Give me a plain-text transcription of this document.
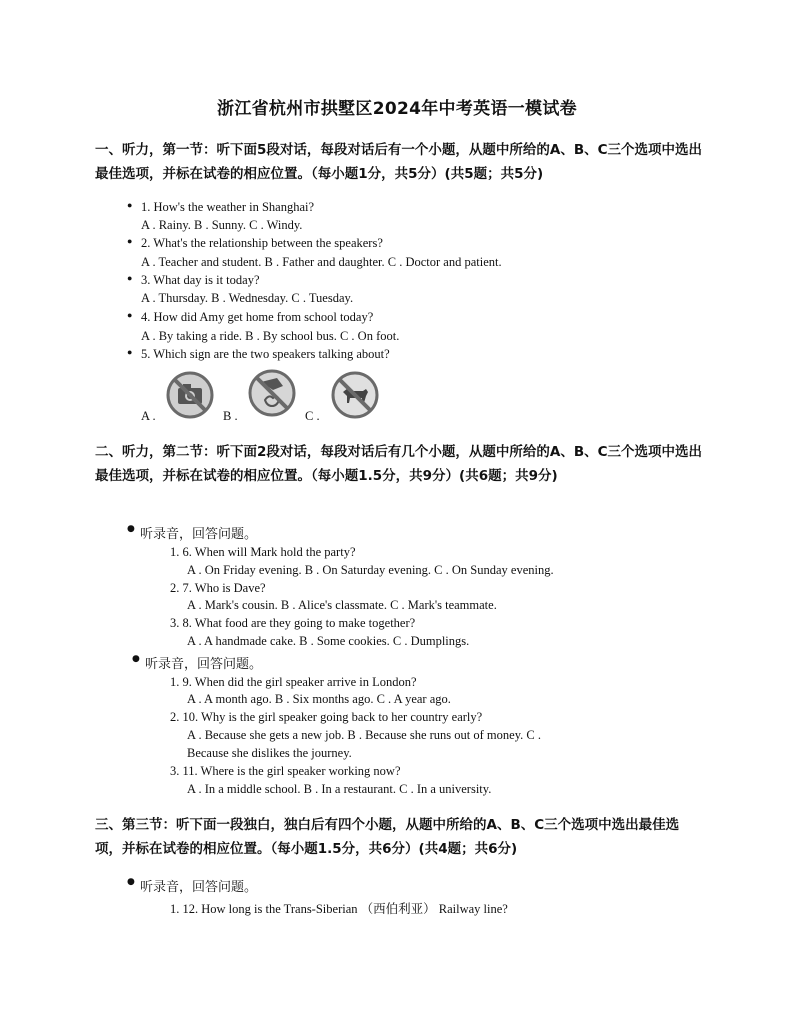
浙江省杭州市拱墅区2024年中考英语一模试卷
一、听力，第一节：听下面5段对话，每段对话后有一个小题，从题中所给的A、B、C三个选项中选出最佳选项，并标在试卷的相应位置。（每小题1分，共5分）(共5题；共5分)
● 1. How's the weather in Shanghai?
A . Rainy. B . Sunny. C . Windy.
● 2. What's the relationship between the speakers?
A . Teacher and student. B . Father and daughter. C . Doctor and patient.
● 3. What day is it today?
A . Thursday. B . Wednesday. C . Tuesday.
● 4. How did Amy get home from school today?
A . By taking a ride. B . By school bus. C . On foot.
● 5. Which sign are the two speakers talking about?
A .	B .	C .
二、听力，第二节：听下面2段对话，每段对话后有几个小题，从题中所给的A、B、C三个选项中选出最佳选项，并标在试卷的相应位置。（每小题1.5分，共9分）(共6题；共9分)
● 听录音，回答问题。
1. 6. When will Mark hold the party?
A . On Friday evening. B . On Saturday evening. C . On Sunday evening.
2. 7. Who is Dave?
A . Mark's cousin. B . Alice's classmate. C . Mark's teammate.
3. 8. What food are they going to make together?
A . A handmade cake. B . Some cookies. C . Dumplings.
● 听录音，回答问题。
1. 9. When did the girl speaker arrive in London?
A . A month ago. B . Six months ago. C . A year ago.
2. 10. Why is the girl speaker going back to her country early?
A . Because she gets a new job. B . Because she runs out of money. C .
Because she dislikes the journey.
3. 11. Where is the girl speaker working now?
A . In a middle school. B . In a restaurant. C . In a university.
三、第三节：听下面一段独白，独白后有四个小题，从题中所给的A、B、C三个选项中选出最佳选项，并标在试卷的相应位置。（每小题1.5分，共6分）(共4题；共6分)
● 听录音，回答问题。
1. 12. How long is the Trans-Siberian （西伯利亚） Railway line?
